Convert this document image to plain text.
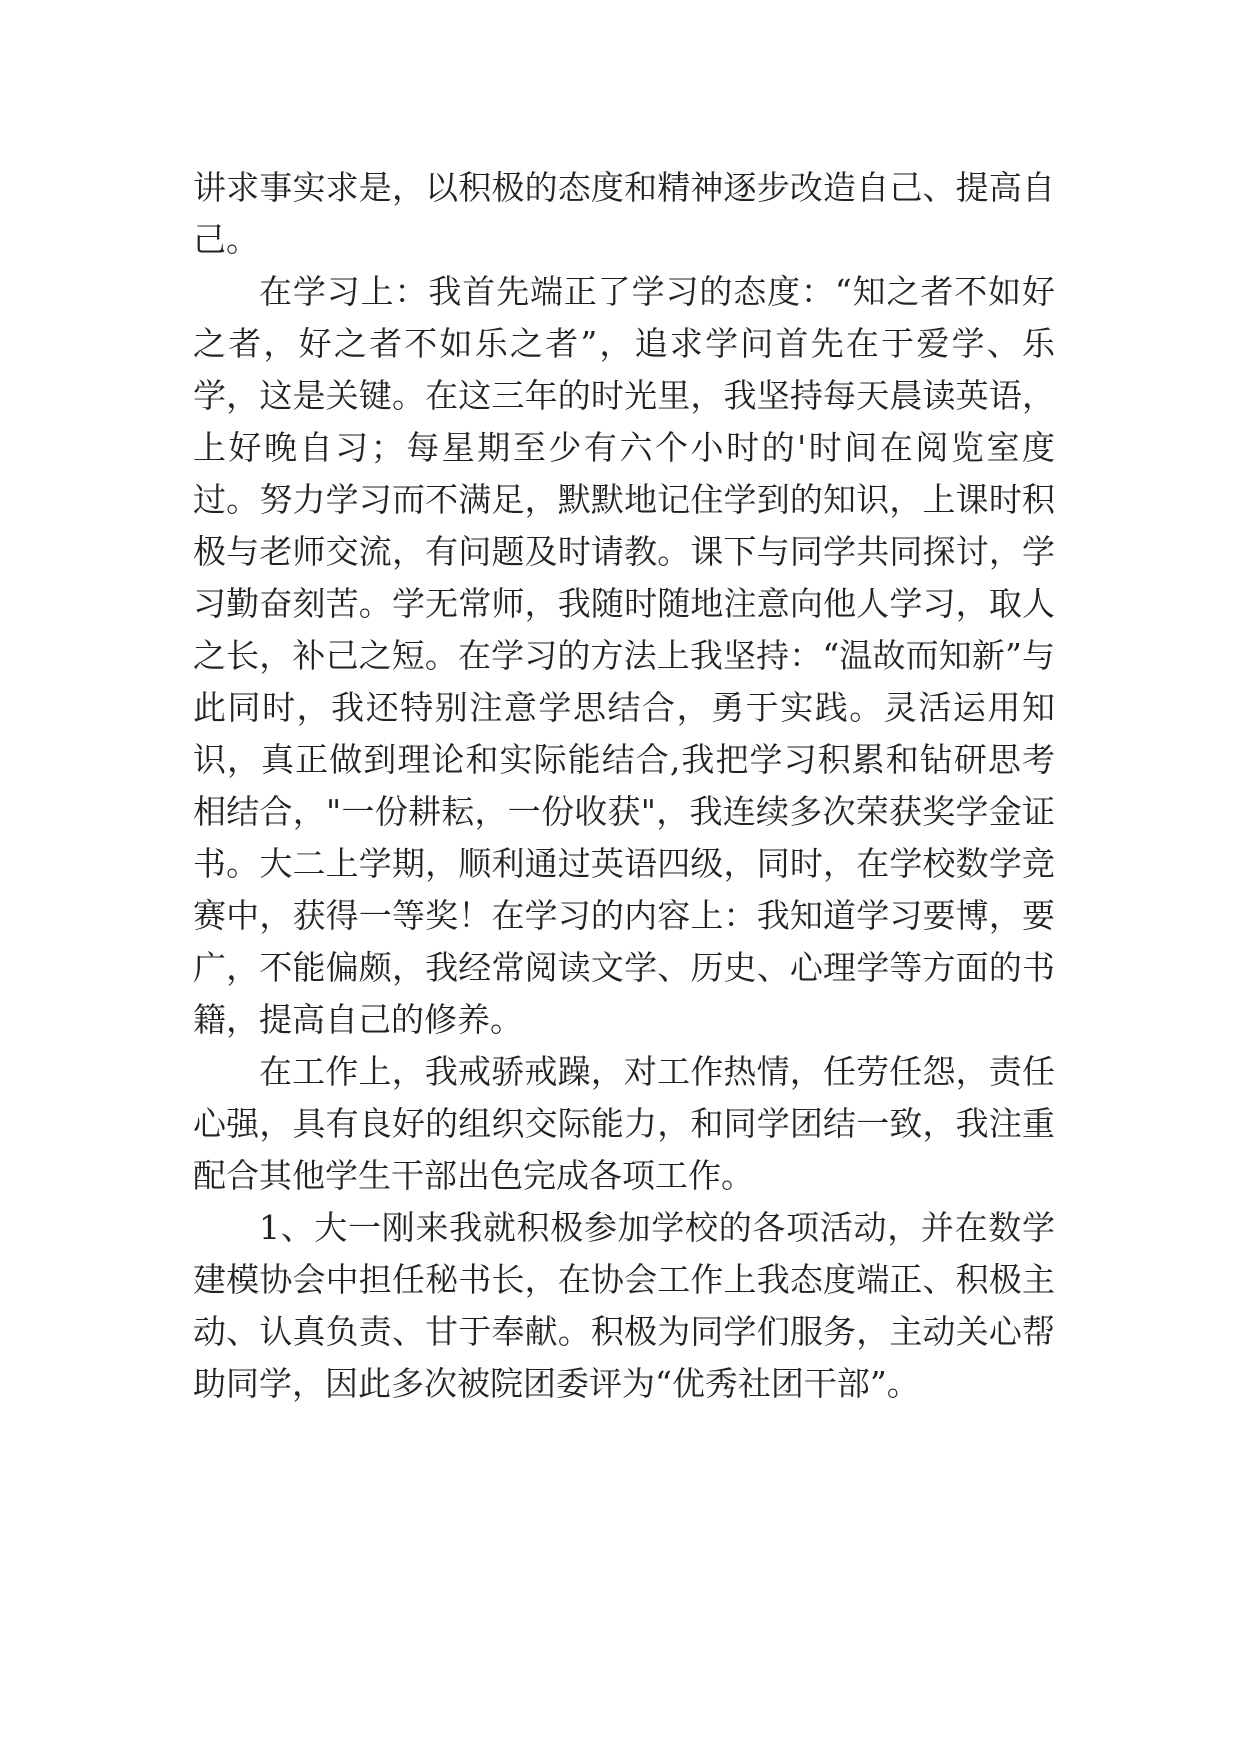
讲求事实求是，以积极的态度和精神逐步改造自己、提高自己。

在学习上：我首先端正了学习的态度：“知之者不如好之者，好之者不如乐之者”，追求学问首先在于爱学、乐学，这是关键。在这三年的时光里，我坚持每天晨读英语，上好晚自习；每星期至少有六个小时的'时间在阅览室度过。努力学习而不满足，默默地记住学到的知识，上课时积极与老师交流，有问题及时请教。课下与同学共同探讨，学习勤奋刻苦。学无常师，我随时随地注意向他人学习，取人之长，补己之短。在学习的方法上我坚持：“温故而知新”与此同时，我还特别注意学思结合，勇于实践。灵活运用知识，真正做到理论和实际能结合,我把学习积累和钻研思考相结合，"一份耕耘，一份收获"，我连续多次荣获奖学金证书。大二上学期，顺利通过英语四级，同时，在学校数学竞赛中，获得一等奖！在学习的内容上：我知道学习要博，要广，不能偏颇，我经常阅读文学、历史、心理学等方面的书籍，提高自己的修养。

在工作上，我戒骄戒躁，对工作热情，任劳任怨，责任心强，具有良好的组织交际能力，和同学团结一致，我注重配合其他学生干部出色完成各项工作。

1、大一刚来我就积极参加学校的各项活动，并在数学建模协会中担任秘书长，在协会工作上我态度端正、积极主动、认真负责、甘于奉献。积极为同学们服务，主动关心帮助同学，因此多次被院团委评为“优秀社团干部”。
